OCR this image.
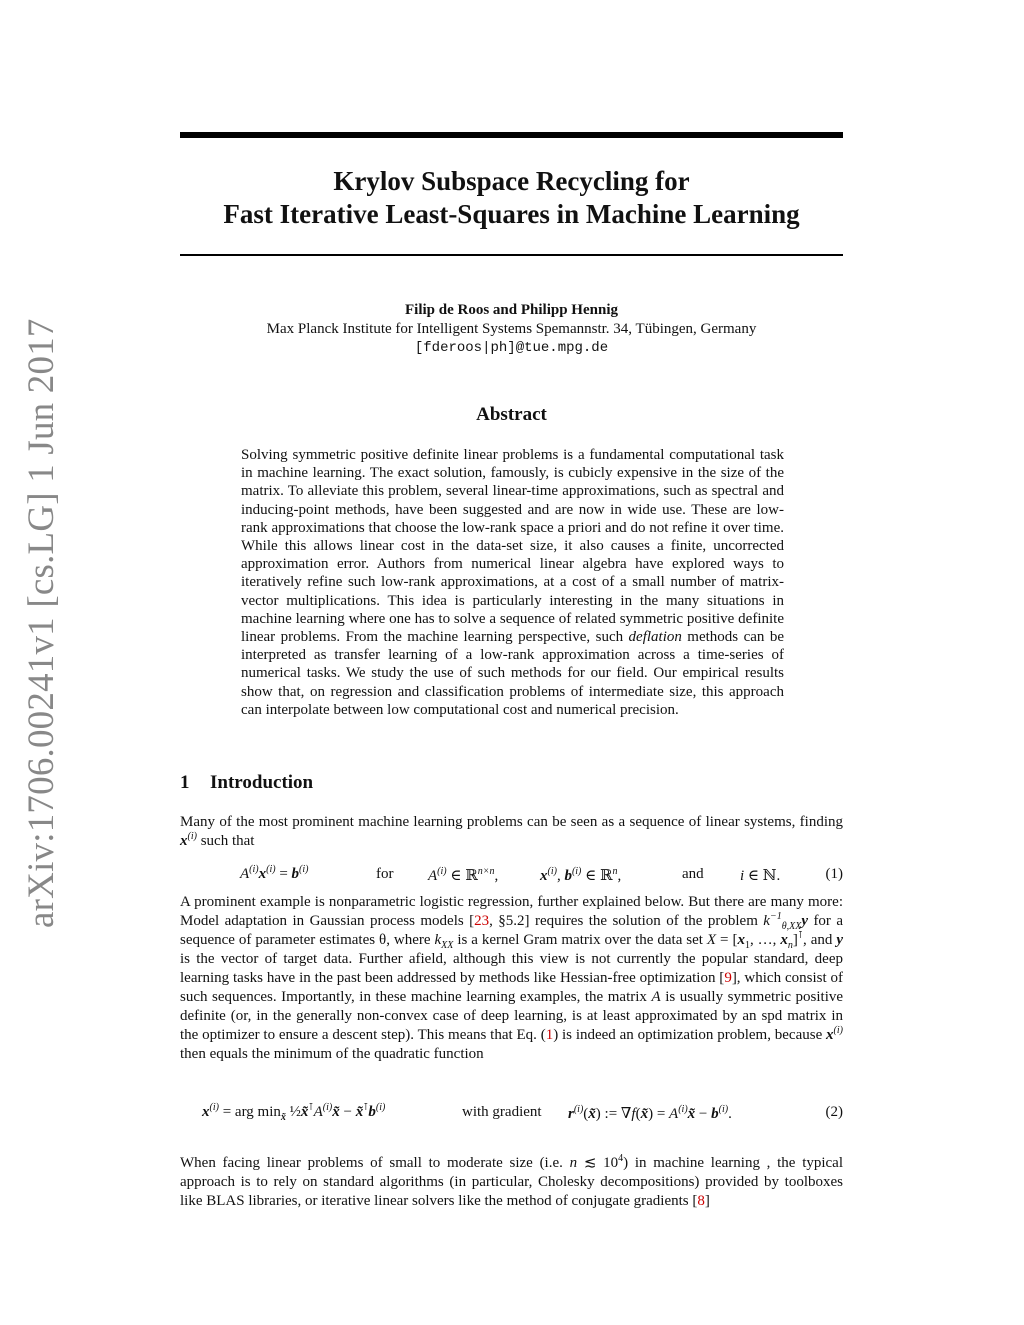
arXiv:1706.00241v1 [cs.LG] 1 Jun 2017
Krylov Subspace Recycling for
Fast Iterative Least-Squares in Machine Learning
Filip de Roos and Philipp Hennig
Max Planck Institute for Intelligent Systems Spemannstr. 34, Tübingen, Germany
[fderoos|ph]@tue.mpg.de
Abstract
Solving symmetric positive definite linear problems is a fundamental computational task in machine learning. The exact solution, famously, is cubicly expensive in the size of the matrix. To alleviate this problem, several linear-time approximations, such as spectral and inducing-point methods, have been suggested and are now in wide use. These are low-rank approximations that choose the low-rank space a priori and do not refine it over time. While this allows linear cost in the data-set size, it also causes a finite, uncorrected approximation error. Authors from numerical linear algebra have explored ways to iteratively refine such low-rank approximations, at a cost of a small number of matrix-vector multiplications. This idea is particularly interesting in the many situations in machine learning where one has to solve a sequence of related symmetric positive definite linear problems. From the machine learning perspective, such deflation methods can be interpreted as transfer learning of a low-rank approximation across a time-series of numerical tasks. We study the use of such methods for our field. Our empirical results show that, on regression and classification problems of intermediate size, this approach can interpolate between low computational cost and numerical precision.
1 Introduction
Many of the most prominent machine learning problems can be seen as a sequence of linear systems, finding $x^{(i)}$ such that
$A^{(i)}x^{(i)} = b^{(i)}$	for $A^{(i)}$ ∈ ℝ$^{n\times n}$,	$x^{(i)}$, $b^{(i)}$ ∈ ℝ$^n$,	and i ∈ ℕ.	(1)
A prominent example is nonparametric logistic regression, further explained below. But there are many more: Model adaptation in Gaussian process models [23, §5.2] requires the solution of the problem $k^{-1}_{\theta,XX}y$ for a sequence of parameter estimates θ, where $k_{XX}$ is a kernel Gram matrix over the data set $X = [x_1$, …, $x_n]^⊺$, and y is the vector of target data. Further afield, although this view is not currently the popular standard, deep learning tasks have in the past been addressed by methods like Hessian-free optimization [9], which consist of such sequences. Importantly, in these machine learning examples, the matrix A is usually symmetric positive definite (or, in the generally non-convex case of deep learning, is at least approximated by an spd matrix in the optimizer to ensure a descent step). This means that Eq. (1) is indeed an optimization problem, because $x^{(i)}$ then equals the minimum of the quadratic function
$x^{(i)}$ = arg $\min_{x̃}$ $\frac{1}{2}x̃^⊺A^{(i)}x̃$ − $x̃^⊺b^{(i)}$	with gradient $r^{(i)}(x̃)$ := ∇f(x̃) = $A^{(i)}x̃ - b^{(i)}$.	(2)
When facing linear problems of small to moderate size (i.e. n ≲ $10^4$) in machine learning , the typical approach is to rely on standard algorithms (in particular, Cholesky decompositions) provided by toolboxes like BLAS libraries, or iterative linear solvers like the method of conjugate gradients [8]
